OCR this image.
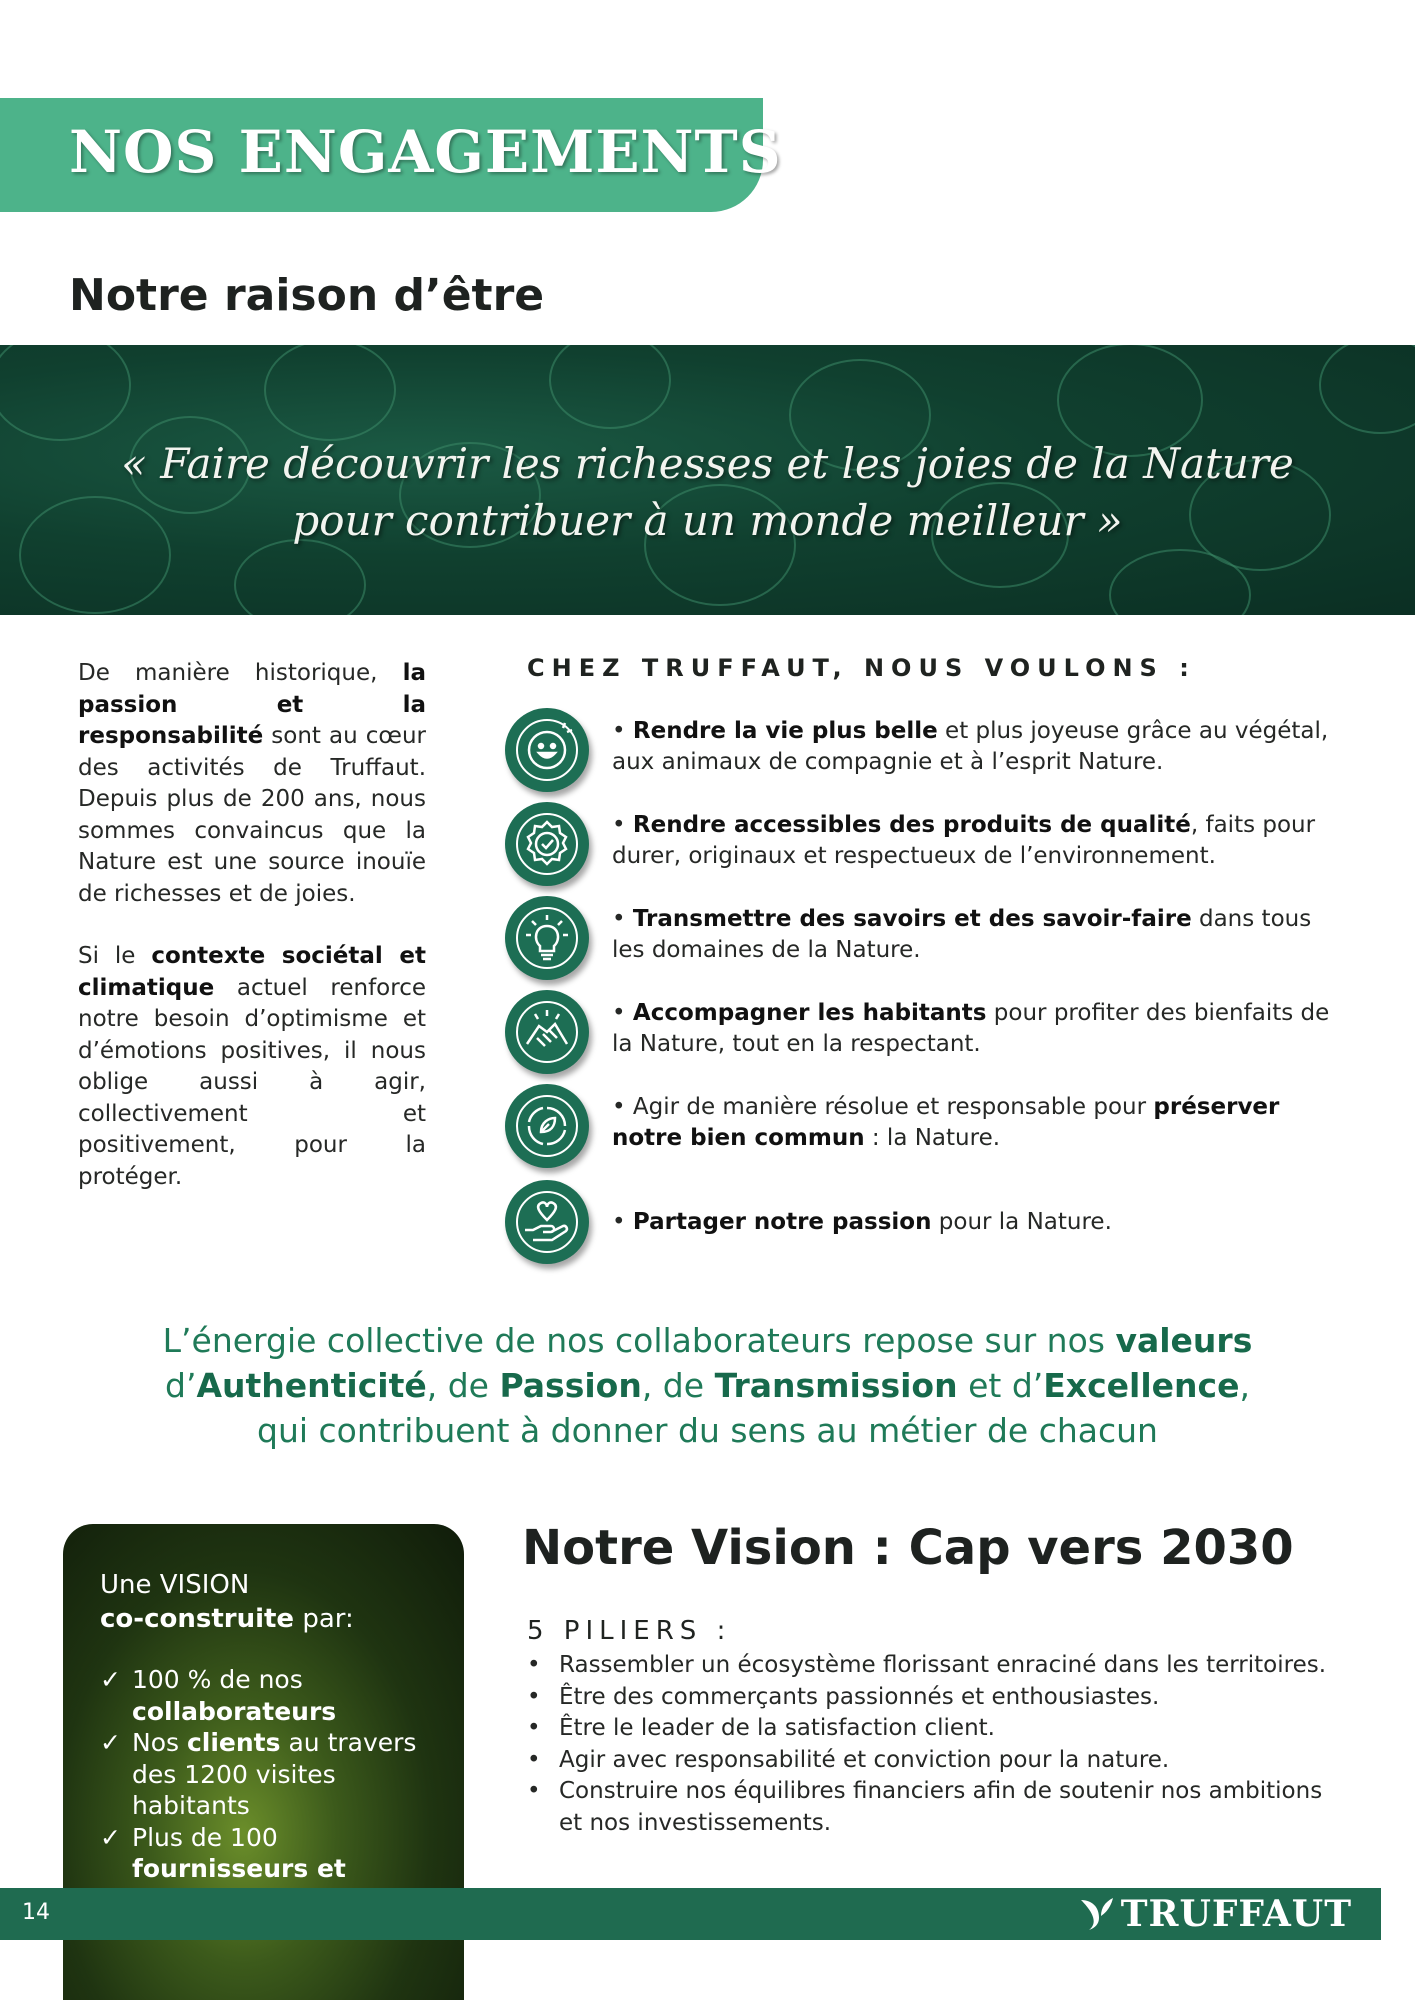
NOS ENGAGEMENTS
Notre raison d’être

« Faire découvrir les richesses et les joies de la Nature
pour contribuer à un monde meilleur »

De manière historique, la passion et la responsabilité sont au cœur des activités de Truffaut. Depuis plus de 200 ans, nous sommes convaincus que la Nature est une source inouïe de richesses et de joies.

Si le contexte sociétal et climatique actuel renforce notre besoin d’optimisme et d’émotions positives, il nous oblige aussi à agir, collectivement et positivement, pour la protéger.

CHEZ TRUFFAUT, NOUS VOULONS :

• Rendre la vie plus belle et plus joyeuse grâce au végétal, aux animaux de compagnie et à l’esprit Nature.

• Rendre accessibles des produits de qualité, faits pour durer, originaux et respectueux de l’environnement.

• Transmettre des savoirs et des savoir-faire dans tous les domaines de la Nature.

• Accompagner les habitants pour profiter des bienfaits de la Nature, tout en la respectant.

• Agir de manière résolue et responsable pour préserver notre bien commun : la Nature.

• Partager notre passion pour la Nature.

L’énergie collective de nos collaborateurs repose sur nos valeurs
d’Authenticité, de Passion, de Transmission et d’Excellence,
qui contribuent à donner du sens au métier de chacun
Une VISION
co-construite par:
✓ 100 % de nos collaborateurs
✓ Nos clients au travers des 1200 visites habitants
✓ Plus de 100 fournisseurs et
Notre Vision : Cap vers 2030
5 PILIERS :
• Rassembler un écosystème florissant enraciné dans les territoires.
• Être des commerçants passionnés et enthousiastes.
• Être le leader de la satisfaction client.
• Agir avec responsabilité et conviction pour la nature.
• Construire nos équilibres financiers afin de soutenir nos ambitions et nos investissements.
14	TRUFFAUT
